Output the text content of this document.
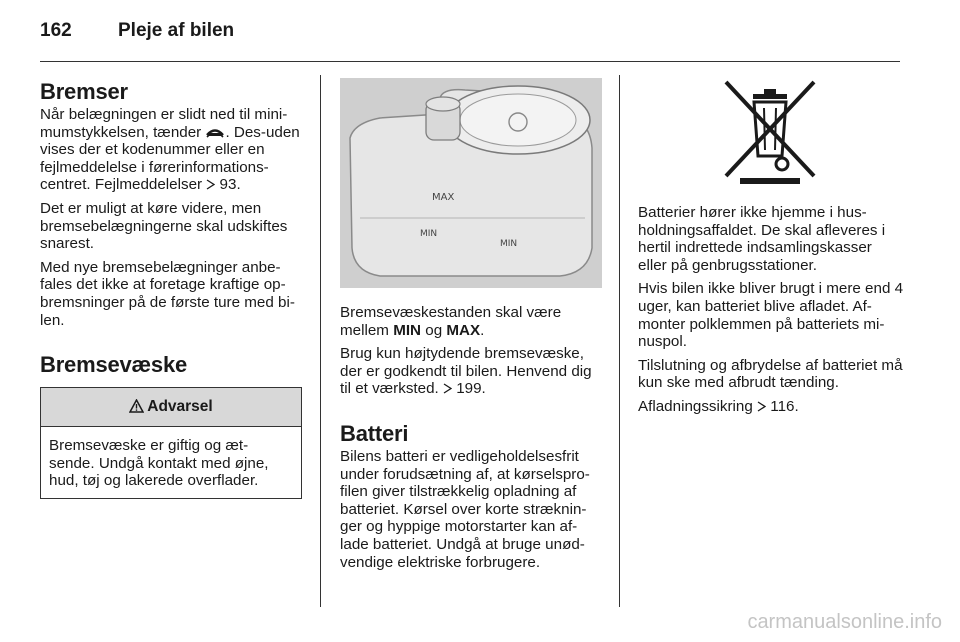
162 Pleje af bilen
Bremser

Når belægningen er slidt ned til mini-mumstykkelsen, tænder . Des-uden vises der et kodenummer eller en fejlmeddelelse i førerinformations-centret. Fejlmeddelelser 93.

Det er muligt at køre videre, men bremsebelægningerne skal udskiftes snarest.

Med nye bremsebelægninger anbe-fales det ikke at foretage kraftige op-bremsninger på de første ture med bi-len.

Bremsevæske
Advarsel

Bremsevæske er giftig og æt-sende. Undgå kontakt med øjne, hud, tøj og lakerede overflader.

MAX
MIN
MIN

Bremsevæskestanden skal være mellem MIN og MAX.

Brug kun højtydende bremsevæske, der er godkendt til bilen. Henvend dig til et værksted. 199.

Batteri

Bilens batteri er vedligeholdelsesfrit under forudsætning af, at kørselspro-filen giver tilstrækkelig opladning af batteriet. Kørsel over korte stræknin-ger og hyppige motorstarter kan af-lade batteriet. Undgå at bruge unød-vendige elektriske forbrugere.

Batterier hører ikke hjemme i hus-holdningsaffaldet. De skal afleveres i hertil indrettede indsamlingskasser eller på genbrugsstationer.

Hvis bilen ikke bliver brugt i mere end 4 uger, kan batteriet blive afladet. Af-monter polklemmen på batteriets mi-nuspol.

Tilslutning og afbrydelse af batteriet må kun ske med afbrudt tænding.

Afladningssikring 116.

carmanualsonline.info
